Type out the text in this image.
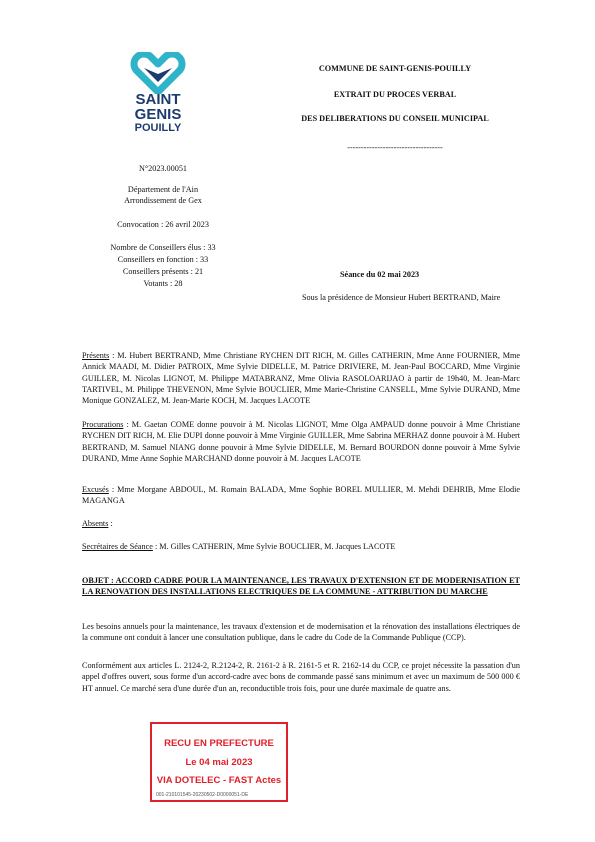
SAINT
GENIS
POUILLY
COMMUNE DE SAINT-GENIS-POUILLY
EXTRAIT DU PROCES VERBAL
DES DELIBERATIONS DU CONSEIL MUNICIPAL
-----------------------------------
N°2023.00051
Département de l'Ain
Arrondissement de Gex
Convocation : 26 avril 2023
Nombre de Conseillers élus : 33
Conseillers en fonction : 33
Conseillers présents : 21
Votants : 28
Séance du 02 mai 2023
Sous la présidence de Monsieur Hubert BERTRAND, Maire
Présents : M. Hubert BERTRAND, Mme Christiane RYCHEN DIT RICH, M. Gilles CATHERIN, Mme Anne FOURNIER, Mme Annick MAADI, M. Didier PATROIX, Mme Sylvie DIDELLE, M. Patrice DRIVIERE, M. Jean-Paul BOCCARD, Mme Virginie GUILLER, M. Nicolas LIGNOT, M. Philippe MATABRANZ, Mme Olivia RASOLOARIJAO à partir de 19h40, M. Jean-Marc TARTIVEL, M. Philippe THEVENON, Mme Sylvie BOUCLIER, Mme Marie-Christine CANSELL, Mme Sylvie DURAND, Mme Monique GONZALEZ, M. Jean-Marie KOCH, M. Jacques LACOTE
Procurations : M. Gaetan COME donne pouvoir à M. Nicolas LIGNOT, Mme Olga AMPAUD donne pouvoir à Mme Christiane RYCHEN DIT RICH, M. Elie DUPI donne pouvoir à Mme Virginie GUILLER, Mme Sabrina MERHAZ donne pouvoir à M. Hubert BERTRAND, M. Samuel NIANG donne pouvoir à Mme Sylvie DIDELLE, M. Bernard BOURDON donne pouvoir à Mme Sylvie DURAND, Mme Anne Sophie MARCHAND donne pouvoir à M. Jacques LACOTE
Excusés : Mme Morgane ABDOUL, M. Romain BALADA, Mme Sophie BOREL MULLIER, M. Mehdi DEHRIB, Mme Elodie MAGANGA
Absents :
Secrétaires de Séance : M. Gilles CATHERIN, Mme Sylvie BOUCLIER, M. Jacques LACOTE
OBJET : ACCORD CADRE POUR LA MAINTENANCE, LES TRAVAUX D'EXTENSION ET DE MODERNISATION ET LA RENOVATION DES INSTALLATIONS ELECTRIQUES DE LA COMMUNE - ATTRIBUTION DU MARCHE
Les besoins annuels pour la maintenance, les travaux d'extension et de modernisation et la rénovation des installations électriques de la commune ont conduit à lancer une consultation publique, dans le cadre du Code de la Commande Publique (CCP).
Conformément aux articles L. 2124-2, R.2124-2, R. 2161-2 à R. 2161-5 et R. 2162-14 du CCP, ce projet nécessite la passation d'un appel d'offres ouvert, sous forme d'un accord-cadre avec bons de commande passé sans minimum et avec un maximum de 500 000 € HT annuel. Ce marché sera d'une durée d'un an, reconductible trois fois, pour une durée maximale de quatre ans.
RECU EN PREFECTURE
Le 04 mai 2023
VIA DOTELEC - FAST Actes
001-210101545-20230502-D0000051-DE
